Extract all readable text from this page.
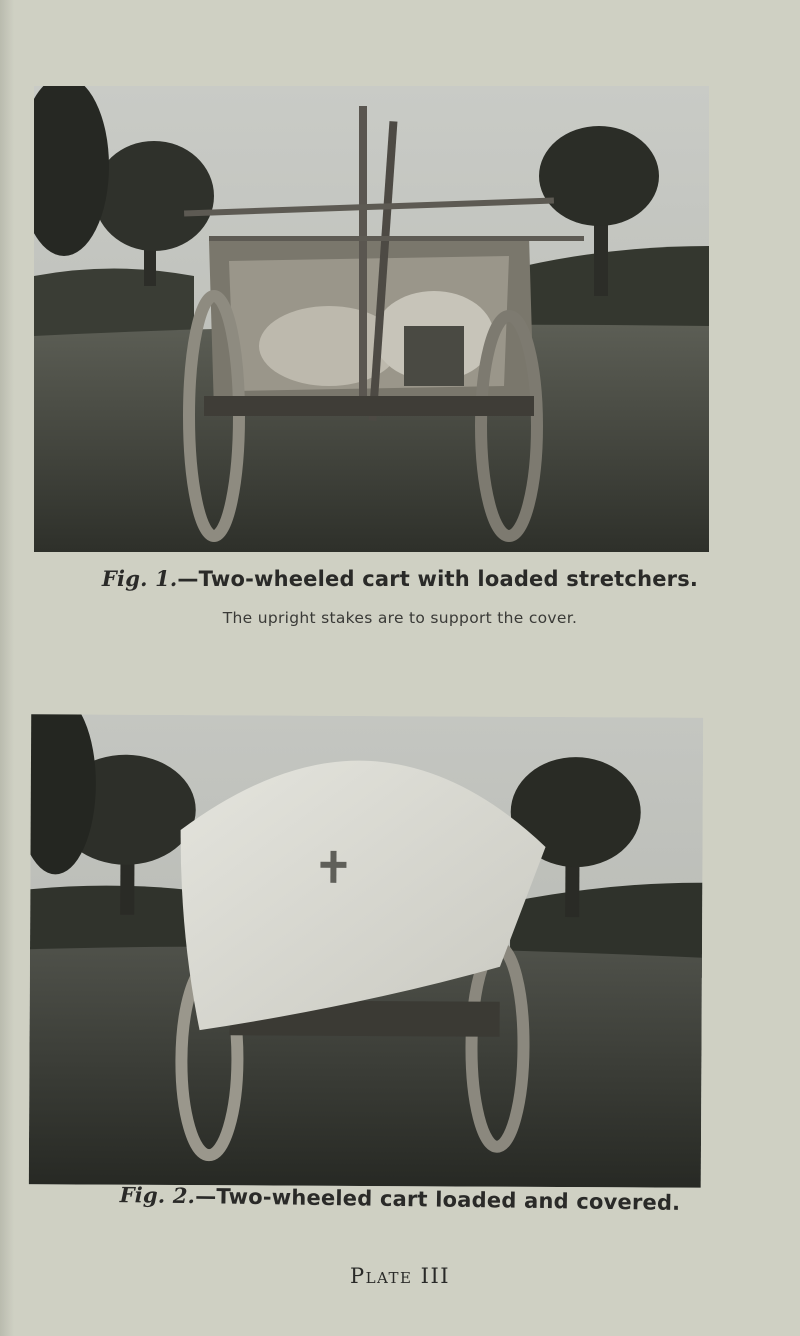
Fig. 1.—Two-wheeled cart with loaded stretchers.
The upright stakes are to support the cover.
Fig. 2.—Two-wheeled cart loaded and covered.
Plate III
